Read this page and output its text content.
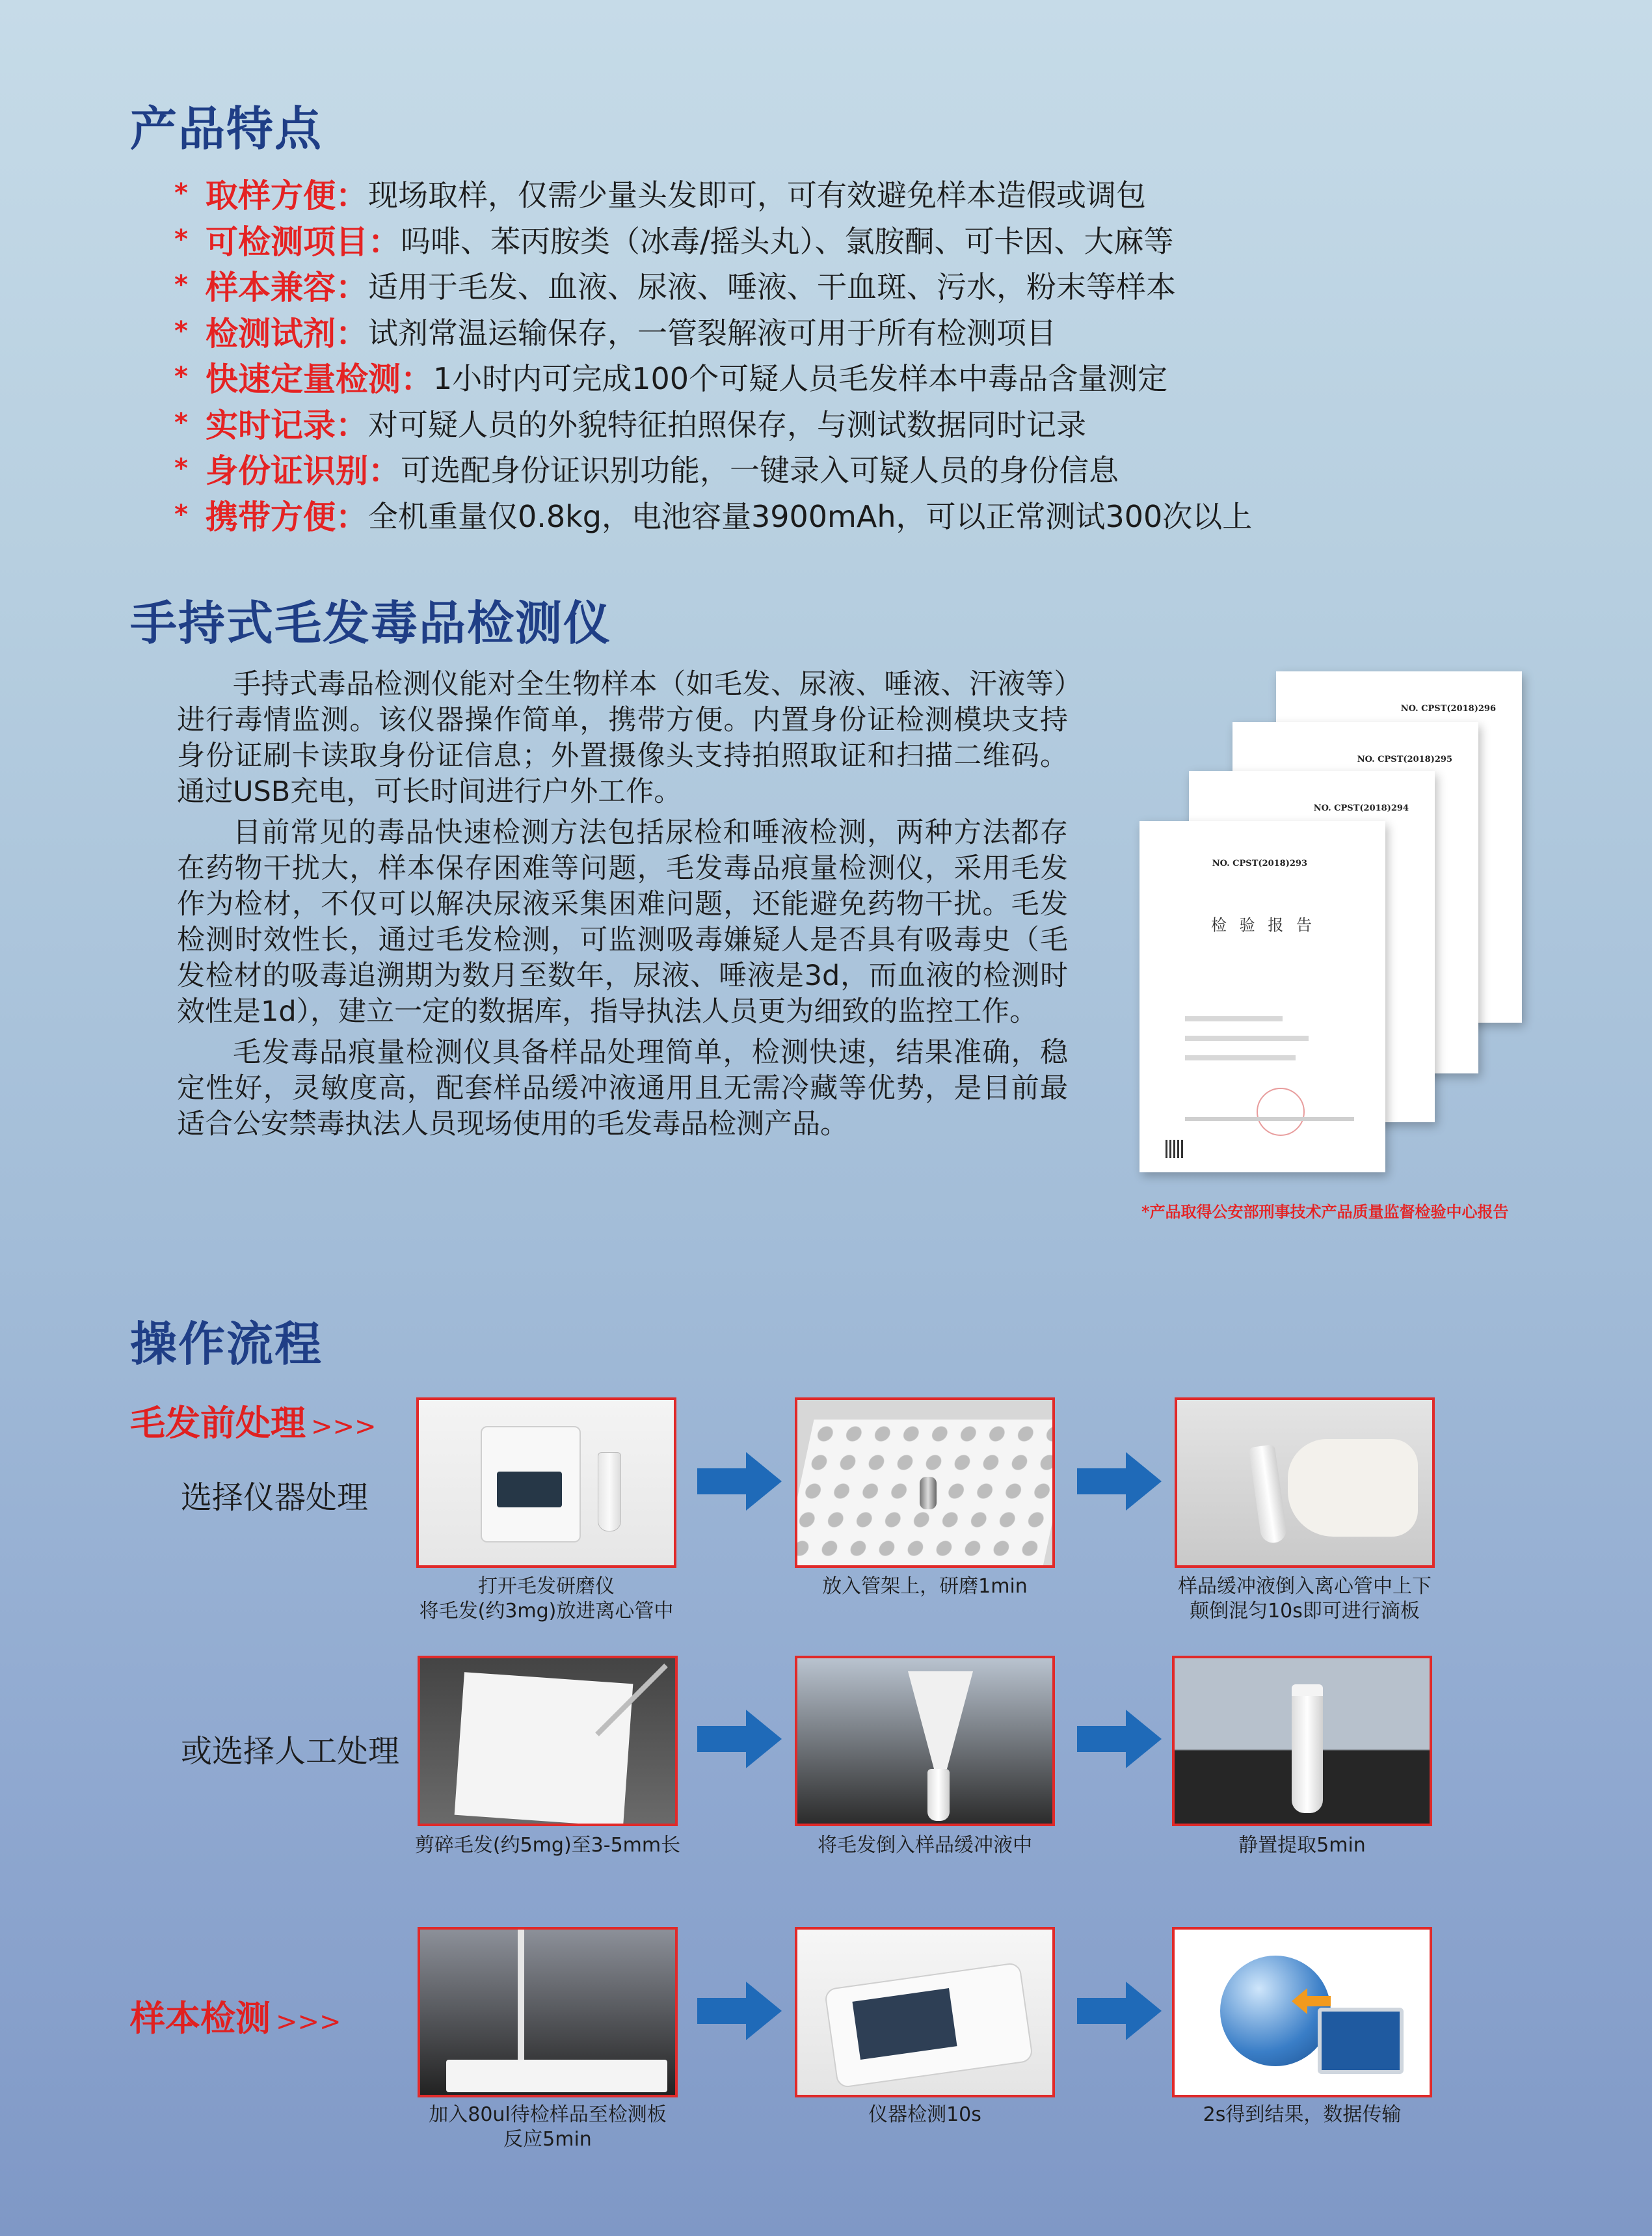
产品特点
* 取样方便： 现场取样，仅需少量头发即可，可有效避免样本造假或调包
* 可检测项目： 吗啡、苯丙胺类（冰毒/摇头丸）、氯胺酮、可卡因、大麻等
* 样本兼容： 适用于毛发、血液、尿液、唾液、干血斑、污水，粉末等样本
* 检测试剂： 试剂常温运输保存，一管裂解液可用于所有检测项目
* 快速定量检测： 1小时内可完成100个可疑人员毛发样本中毒品含量测定
* 实时记录： 对可疑人员的外貌特征拍照保存，与测试数据同时记录
* 身份证识别： 可选配身份证识别功能，一键录入可疑人员的身份信息
* 携带方便： 全机重量仅0.8kg，电池容量3900mAh，可以正常测试300次以上
手持式毛发毒品检测仪

手持式毒品检测仪能对全生物样本（如毛发、尿液、唾液、汗液等）进行毒情监测。该仪器操作简单，携带方便。内置身份证检测模块支持身份证刷卡读取身份证信息；外置摄像头支持拍照取证和扫描二维码。通过USB充电，可长时间进行户外工作。

目前常见的毒品快速检测方法包括尿检和唾液检测，两种方法都存在药物干扰大，样本保存困难等问题，毛发毒品痕量检测仪，采用毛发作为检材，不仅可以解决尿液采集困难问题，还能避免药物干扰。毛发检测时效性长，通过毛发检测，可监测吸毒嫌疑人是否具有吸毒史（毛发检材的吸毒追溯期为数月至数年，尿液、唾液是3d，而血液的检测时效性是1d），建立一定的数据库，指导执法人员更为细致的监控工作。

毛发毒品痕量检测仪具备样品处理简单，检测快速，结果准确，稳定性好，灵敏度高，配套样品缓冲液通用且无需冷藏等优势，是目前最适合公安禁毒执法人员现场使用的毛发毒品检测产品。

NO. CPST(2018)296
NO. CPST(2018)295
NO. CPST(2018)294
NO. CPST(2018)293
检 验 报 告
*产品取得公安部刑事技术产品质量监督检验中心报告
操作流程
毛发前处理 >>>
选择仪器处理
或选择人工处理
样本检测 >>>
打开毛发研磨仪
将毛发(约3mg)放进离心管中
放入管架上，研磨1min	样品缓冲液倒入离心管中上下
颠倒混匀10s即可进行滴板
剪碎毛发(约5mg)至3-5mm长	将毛发倒入样品缓冲液中	静置提取5min
加入80ul待检样品至检测板
反应5min
仪器检测10s	2s得到结果，数据传输
